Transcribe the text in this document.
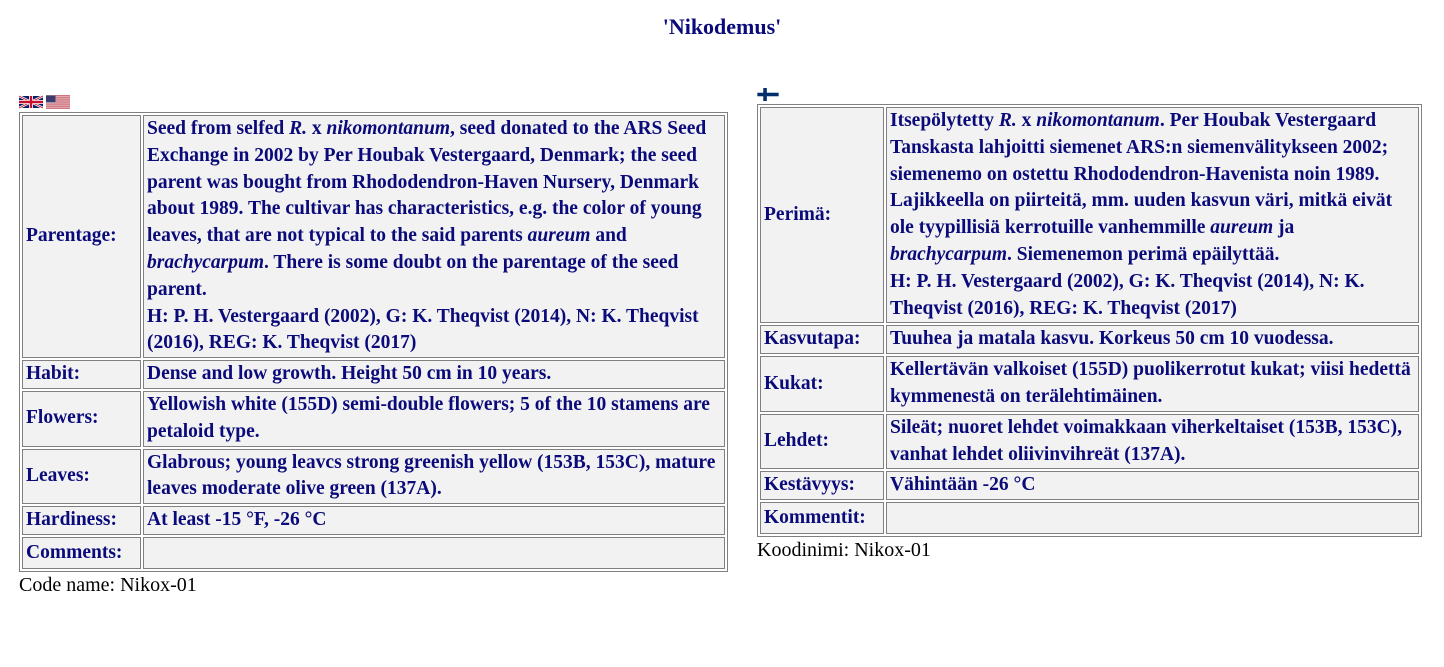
'Nikodemus'
Parentage:	Seed from selfed R. x nikomontanum, seed donated to the ARS Seed Exchange in 2002 by Per Houbak Vestergaard, Denmark; the seed parent was bought from Rhododendron-Haven Nursery, Denmark about 1989. The cultivar has characteristics, e.g. the color of young leaves, that are not typical to the said parents aureum and brachycarpum. There is some doubt on the parentage of the seed parent.
H: P. H. Vestergaard (2002), G: K. Theqvist (2014), N: K. Theqvist (2016), REG: K. Theqvist (2017)
Habit:	Dense and low growth. Height 50 cm in 10 years.
Flowers:	Yellowish white (155D) semi-double flowers; 5 of the 10 stamens are petaloid type.
Leaves:	Glabrous; young leavcs strong greenish yellow (153B, 153C), mature leaves moderate olive green (137A).
Hardiness:	At least -15 °F, -26 °C
Comments:	
Code name: Nikox-01
Perimä:	Itsepölytetty R. x nikomontanum. Per Houbak Vestergaard Tanskasta lahjoitti siemenet ARS:n siemenvälitykseen 2002; siemenemo on ostettu Rhododendron-Havenista noin 1989. Lajikkeella on piirteitä, mm. uuden kasvun väri, mitkä eivät ole tyypillisiä kerrotuille vanhemmille aureum ja brachycarpum. Siemenemon perimä epäilyttää.
H: P. H. Vestergaard (2002), G: K. Theqvist (2014), N: K. Theqvist (2016), REG: K. Theqvist (2017)
Kasvutapa:	Tuuhea ja matala kasvu. Korkeus 50 cm 10 vuodessa.
Kukat:	Kellertävän valkoiset (155D) puolikerrotut kukat; viisi hedettä kymmenestä on terälehtimäinen.
Lehdet:	Sileät; nuoret lehdet voimakkaan viherkeltaiset (153B, 153C), vanhat lehdet oliivinvihreät (137A).
Kestävyys:	Vähintään -26 °C
Kommentit:	
Koodinimi: Nikox-01
